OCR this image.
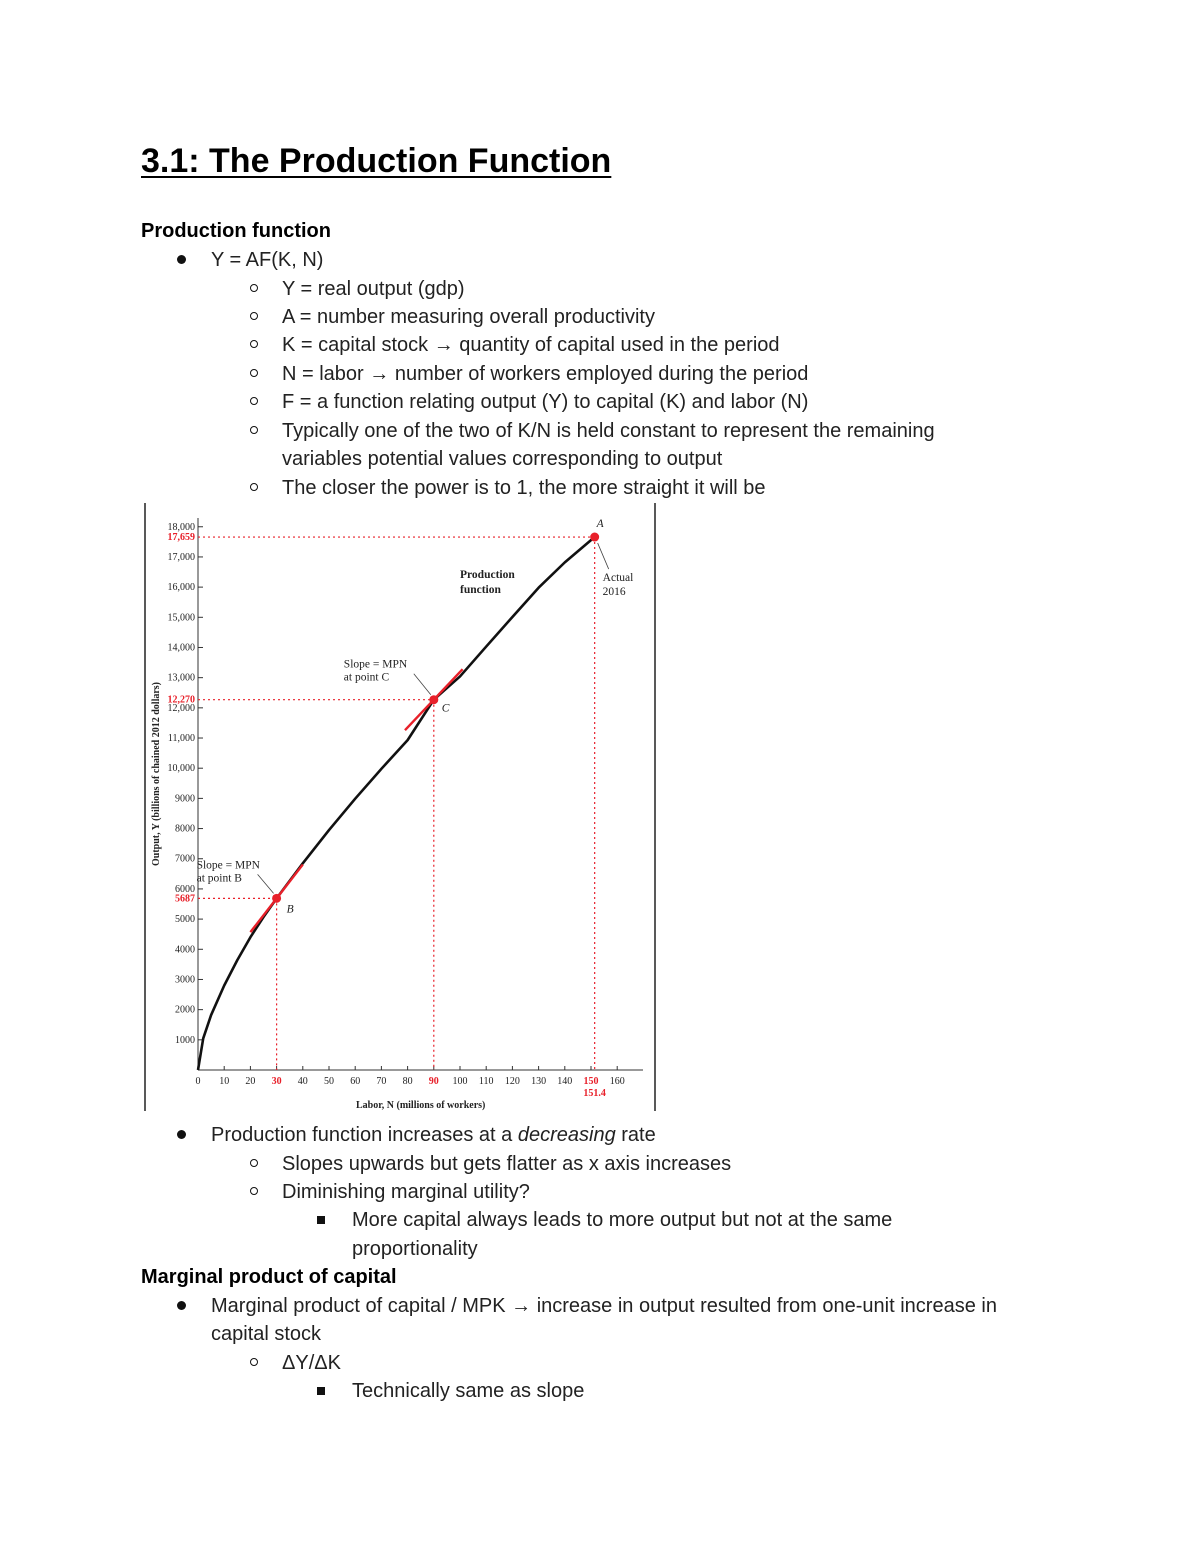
3.1: The Production Function
Production function
Y = AF(K, N)
Y = real output (gdp)
A = number measuring overall productivity
K = capital stock → quantity of capital used in the period
N = labor → number of workers employed during the period
F = a function relating output (Y) to capital (K) and labor (N)
Typically one of the two of K/N is held constant to represent the remaining
variables potential values corresponding to output
The closer the power is to 1, the more straight it will be
1000
2000
3000
4000
5000
6000
7000
8000
9000
10,000
11,000
12,000
13,000
14,000
15,000
16,000
17,000
18,000
5687
12,270
17,659
0 10 20 30 40 50 60 70 80 90 100 110 120 130 140 150 160
151.4
Labor, N (millions of workers)
Output, Y (billions of chained 2012 dollars)
A
B
C
Actual
2016
Slope = MPN
at point C
Slope = MPN
at point B
Production
function
Production function increases at a decreasing rate
Slopes upwards but gets flatter as x axis increases
Diminishing marginal utility?
More capital always leads to more output but not at the same
proportionality
Marginal product of capital
Marginal product of capital / MPK → increase in output resulted from one-unit increase in
capital stock
ΔY/ΔK
Technically same as slope
